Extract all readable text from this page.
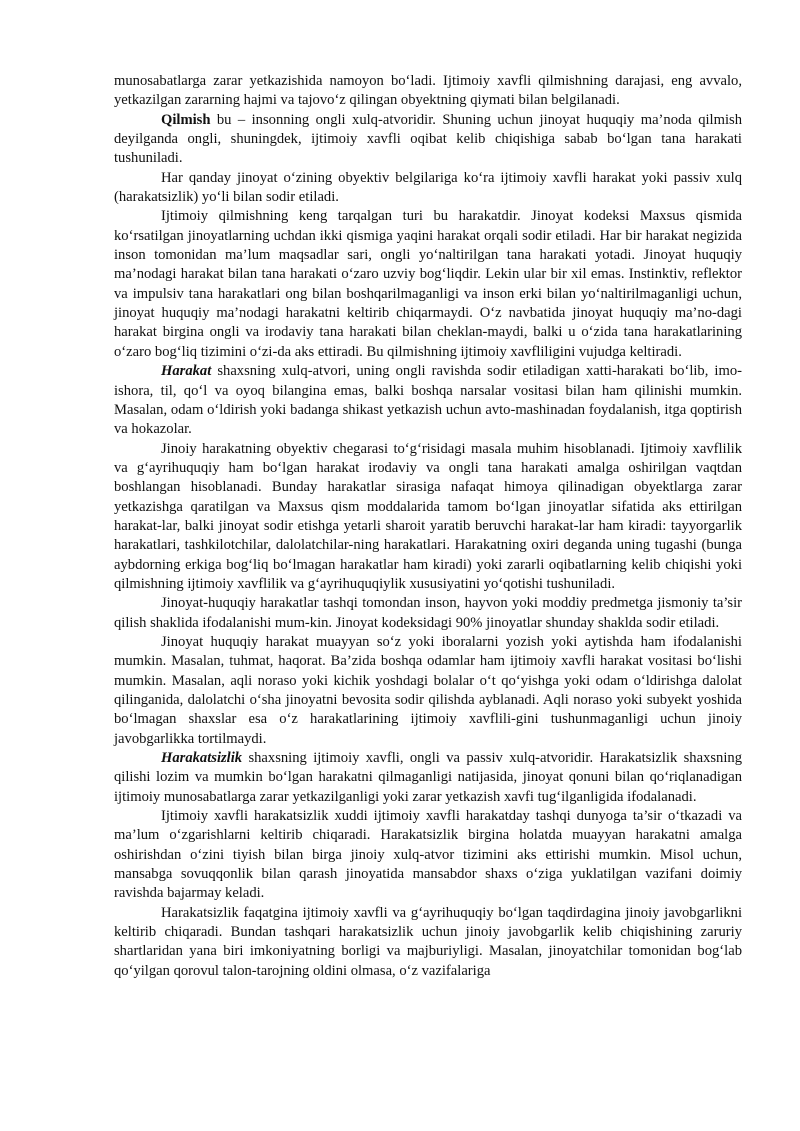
munosabatlarga zarar yetkazishida namoyon bo‘ladi. Ijtimoiy xavfli qilmishning darajasi, eng avvalo, yetkazilgan zararning hajmi va tajovo‘z qilingan obyektning qiymati bilan belgilanadi.

Qilmish bu – insonning ongli xulq-atvoridir. Shuning uchun jinoyat huquqiy ma’noda qilmish deyilganda ongli, shuningdek, ijtimoiy xavfli oqibat kelib chiqishiga sabab bo‘lgan tana harakati tushuniladi.

Har qanday jinoyat o‘zining obyektiv belgilariga ko‘ra ijtimoiy xavfli harakat yoki passiv xulq (harakatsizlik) yo‘li bilan sodir etiladi.

Ijtimoiy qilmishning keng tarqalgan turi bu harakatdir. Jinoyat kodeksi Maxsus qismida ko‘rsatilgan jinoyatlarning uchdan ikki qismiga yaqini harakat orqali sodir etiladi. Har bir harakat negizida inson tomonidan ma’lum maqsadlar sari, ongli yo‘naltirilgan tana harakati yotadi. Jinoyat huquqiy ma’nodagi harakat bilan tana harakati o‘zaro uzviy bog‘liqdir. Lekin ular bir xil emas. Instinktiv, reflektor va impulsiv tana harakatlari ong bilan boshqarilmaganligi va inson erki bilan yo‘naltirilmaganligi uchun, jinoyat huquqiy ma’nodagi harakatni keltirib chiqarmaydi. O‘z navbatida jinoyat huquqiy ma’no-dagi harakat birgina ongli va irodaviy tana harakati bilan cheklan-maydi, balki u o‘zida tana harakatlarining o‘zaro bog‘liq tizimini o‘zi-da aks ettiradi. Bu qilmishning ijtimoiy xavfliligini vujudga keltiradi.

Harakat shaxsning xulq-atvori, uning ongli ravishda sodir etiladigan xatti-harakati bo‘lib, imo-ishora, til, qo‘l va oyoq bilangina emas, balki boshqa narsalar vositasi bilan ham qilinishi mumkin. Masalan, odam o‘ldirish yoki badanga shikast yetkazish uchun avto-mashinadan foydalanish, itga qoptirish va hokazolar.

Jinoiy harakatning obyektiv chegarasi to‘g‘risidagi masala muhim hisoblanadi. Ijtimoiy xavflilik va g‘ayrihuquqiy ham bo‘lgan harakat irodaviy va ongli tana harakati amalga oshirilgan vaqtdan boshlangan hisoblanadi. Bunday harakatlar sirasiga nafaqat himoya qilinadigan obyektlarga zarar yetkazishga qaratilgan va Maxsus qism moddalarida tamom bo‘lgan jinoyatlar sifatida aks ettirilgan harakat-lar, balki jinoyat sodir etishga yetarli sharoit yaratib beruvchi harakat-lar ham kiradi: tayyorgarlik harakatlari, tashkilotchilar, dalolatchilar-ning harakatlari. Harakatning oxiri deganda uning tugashi (bunga aybdorning erkiga bog‘liq bo‘lmagan harakatlar ham kiradi) yoki zararli oqibatlarning kelib chiqishi yoki qilmishning ijtimoiy xavflilik va g‘ayrihuquqiylik xususiyatini yo‘qotishi tushuniladi.

Jinoyat-huquqiy harakatlar tashqi tomondan inson, hayvon yoki moddiy predmetga jismoniy ta’sir qilish shaklida ifodalanishi mum-kin. Jinoyat kodeksidagi 90% jinoyatlar shunday shaklda sodir etiladi.

Jinoyat huquqiy harakat muayyan so‘z yoki iboralarni yozish yoki aytishda ham ifodalanishi mumkin. Masalan, tuhmat, haqorat. Ba’zida boshqa odamlar ham ijtimoiy xavfli harakat vositasi bo‘lishi mumkin. Masalan, aqli noraso yoki kichik yoshdagi bolalar o‘t qo‘yishga yoki odam o‘ldirishga dalolat qilinganida, dalolatchi o‘sha jinoyatni bevosita sodir qilishda ayblanadi. Aqli noraso yoki subyekt yoshida bo‘lmagan shaxslar esa o‘z harakatlarining ijtimoiy xavflili-gini tushunmaganligi uchun jinoiy javobgarlikka tortilmaydi.

Harakatsizlik shaxsning ijtimoiy xavfli, ongli va passiv xulq-atvoridir. Harakatsizlik shaxsning qilishi lozim va mumkin bo‘lgan harakatni qilmaganligi natijasida, jinoyat qonuni bilan qo‘riqlanadigan ijtimoiy munosabatlarga zarar yetkazilganligi yoki zarar yetkazish xavfi tug‘ilganligida ifodalanadi.

Ijtimoiy xavfli harakatsizlik xuddi ijtimoiy xavfli harakatday tashqi dunyoga ta’sir o‘tkazadi va ma’lum o‘zgarishlarni keltirib chiqaradi. Harakatsizlik birgina holatda muayyan harakatni amalga oshirishdan o‘zini tiyish bilan birga jinoiy xulq-atvor tizimini aks ettirishi mumkin. Misol uchun, mansabga sovuqqonlik bilan qarash jinoyatida mansabdor shaxs o‘ziga yuklatilgan vazifani doimiy ravishda bajarmay keladi.

Harakatsizlik faqatgina ijtimoiy xavfli va g‘ayrihuquqiy bo‘lgan taqdirdagina jinoiy javobgarlikni keltirib chiqaradi. Bundan tashqari harakatsizlik uchun jinoiy javobgarlik kelib chiqishining zaruriy shartlaridan yana biri imkoniyatning borligi va majburiyligi. Masalan, jinoyatchilar tomonidan bog‘lab qo‘yilgan qorovul talon-tarojning oldini olmasa, o‘z vazifalariga
